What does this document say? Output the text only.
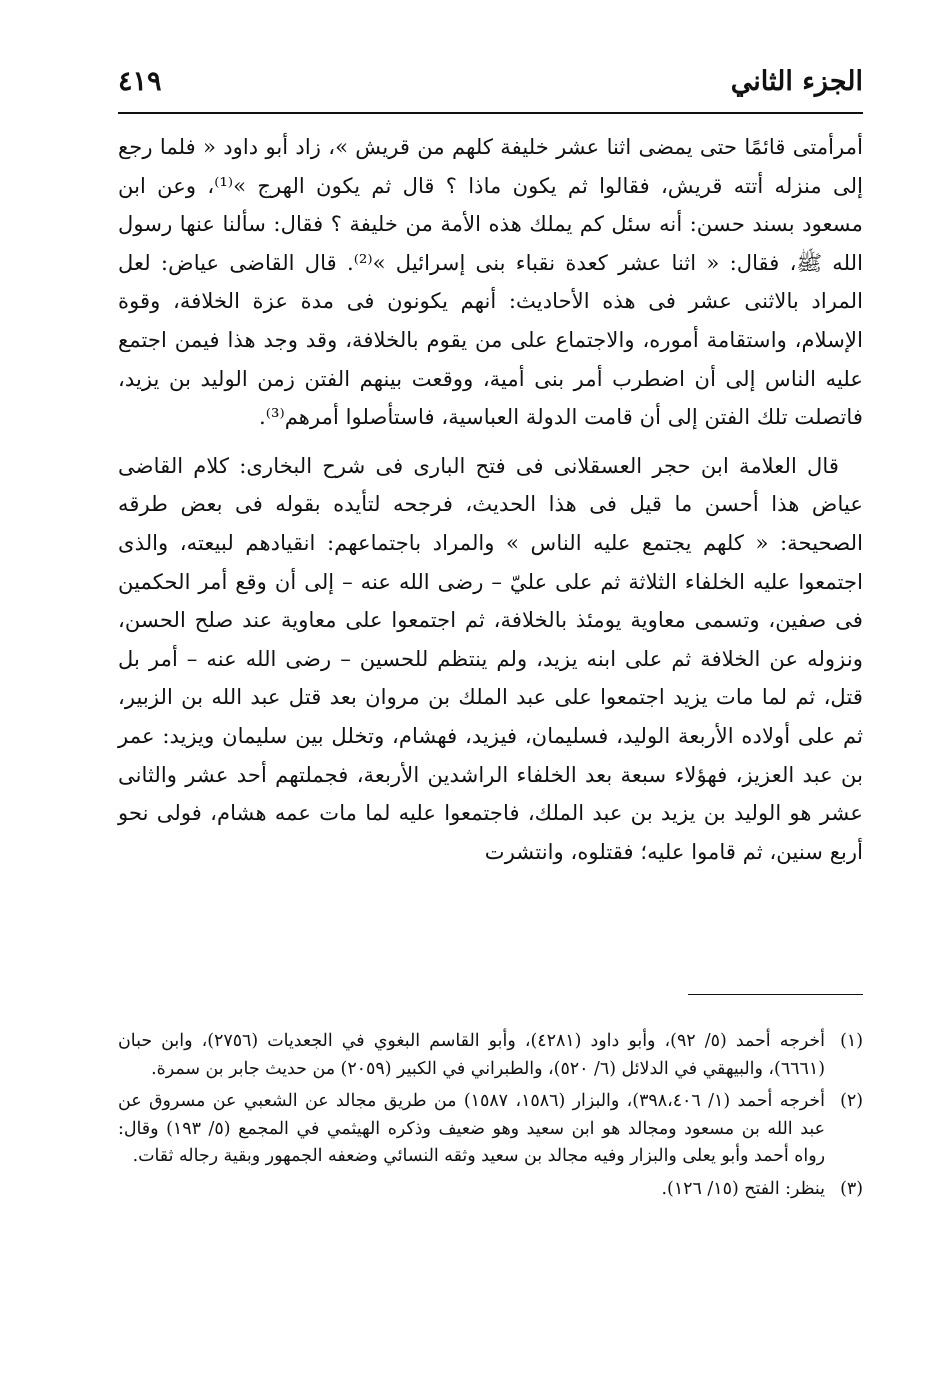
الجزء الثاني
٤١٩

أمرأمتى قائمًا حتى يمضى اثنا عشر خليفة كلهم من قريش »، زاد أبو داود « فلما رجع إلى منزله أتته قريش، فقالوا ثم يكون ماذا ؟ قال ثم يكون الهرج »⁽¹⁾، وعن ابن مسعود بسند حسن: أنه سئل كم يملك هذه الأمة من خليفة ؟ فقال: سألنا عنها رسول الله ﷺ، فقال: « اثنا عشر كعدة نقباء بنى إسرائيل »⁽²⁾. قال القاضى عياض: لعل المراد بالاثنى عشر فى هذه الأحاديث: أنهم يكونون فى مدة عزة الخلافة، وقوة الإسلام، واستقامة أموره، والاجتماع على من يقوم بالخلافة، وقد وجد هذا فيمن اجتمع عليه الناس إلى أن اضطرب أمر بنى أمية، ووقعت بينهم الفتن زمن الوليد بن يزيد، فاتصلت تلك الفتن إلى أن قامت الدولة العباسية، فاستأصلوا أمرهم⁽³⁾.

قال العلامة ابن حجر العسقلانى فى فتح البارى فى شرح البخارى: كلام القاضى عياض هذا أحسن ما قيل فى هذا الحديث، فرجحه لتأيده بقوله فى بعض طرقه الصحيحة: « كلهم يجتمع عليه الناس » والمراد باجتماعهم: انقيادهم لبيعته، والذى اجتمعوا عليه الخلفاء الثلاثة ثم على عليّ – رضى الله عنه – إلى أن وقع أمر الحكمين فى صفين، وتسمى معاوية يومئذ بالخلافة، ثم اجتمعوا على معاوية عند صلح الحسن، ونزوله عن الخلافة ثم على ابنه يزيد، ولم ينتظم للحسين – رضى الله عنه – أمر بل قتل، ثم لما مات يزيد اجتمعوا على عبد الملك بن مروان بعد قتل عبد الله بن الزبير، ثم على أولاده الأربعة الوليد، فسليمان، فيزيد، فهشام، وتخلل بين سليمان ويزيد: عمر بن عبد العزيز، فهؤلاء سبعة بعد الخلفاء الراشدين الأربعة، فجملتهم أحد عشر والثانى عشر هو الوليد بن يزيد بن عبد الملك، فاجتمعوا عليه لما مات عمه هشام، فولى نحو أربع سنين، ثم قاموا عليه؛ فقتلوه، وانتشرت

(١)
أخرجه أحمد (٥/ ٩٢)، وأبو داود (٤٢٨١)، وأبو القاسم البغوي في الجعديات (٢٧٥٦)، وابن حبان (٦٦٦١)، والبيهقي في الدلائل (٦/ ٥٢٠)، والطبراني في الكبير (٢٠٥٩) من حديث جابر بن سمرة.
(٢)
أخرجه أحمد (١/ ٣٩٨،٤٠٦)، والبزار (١٥٨٦، ١٥٨٧) من طريق مجالد عن الشعبي عن مسروق عن عبد الله بن مسعود ومجالد هو ابن سعيد وهو ضعيف وذكره الهيثمي في المجمع (٥/ ١٩٣) وقال: رواه أحمد وأبو يعلى والبزار وفيه مجالد بن سعيد وثقه النسائي وضعفه الجمهور وبقية رجاله ثقات.
(٣)
ينظر: الفتح (١٥/ ١٢٦).
